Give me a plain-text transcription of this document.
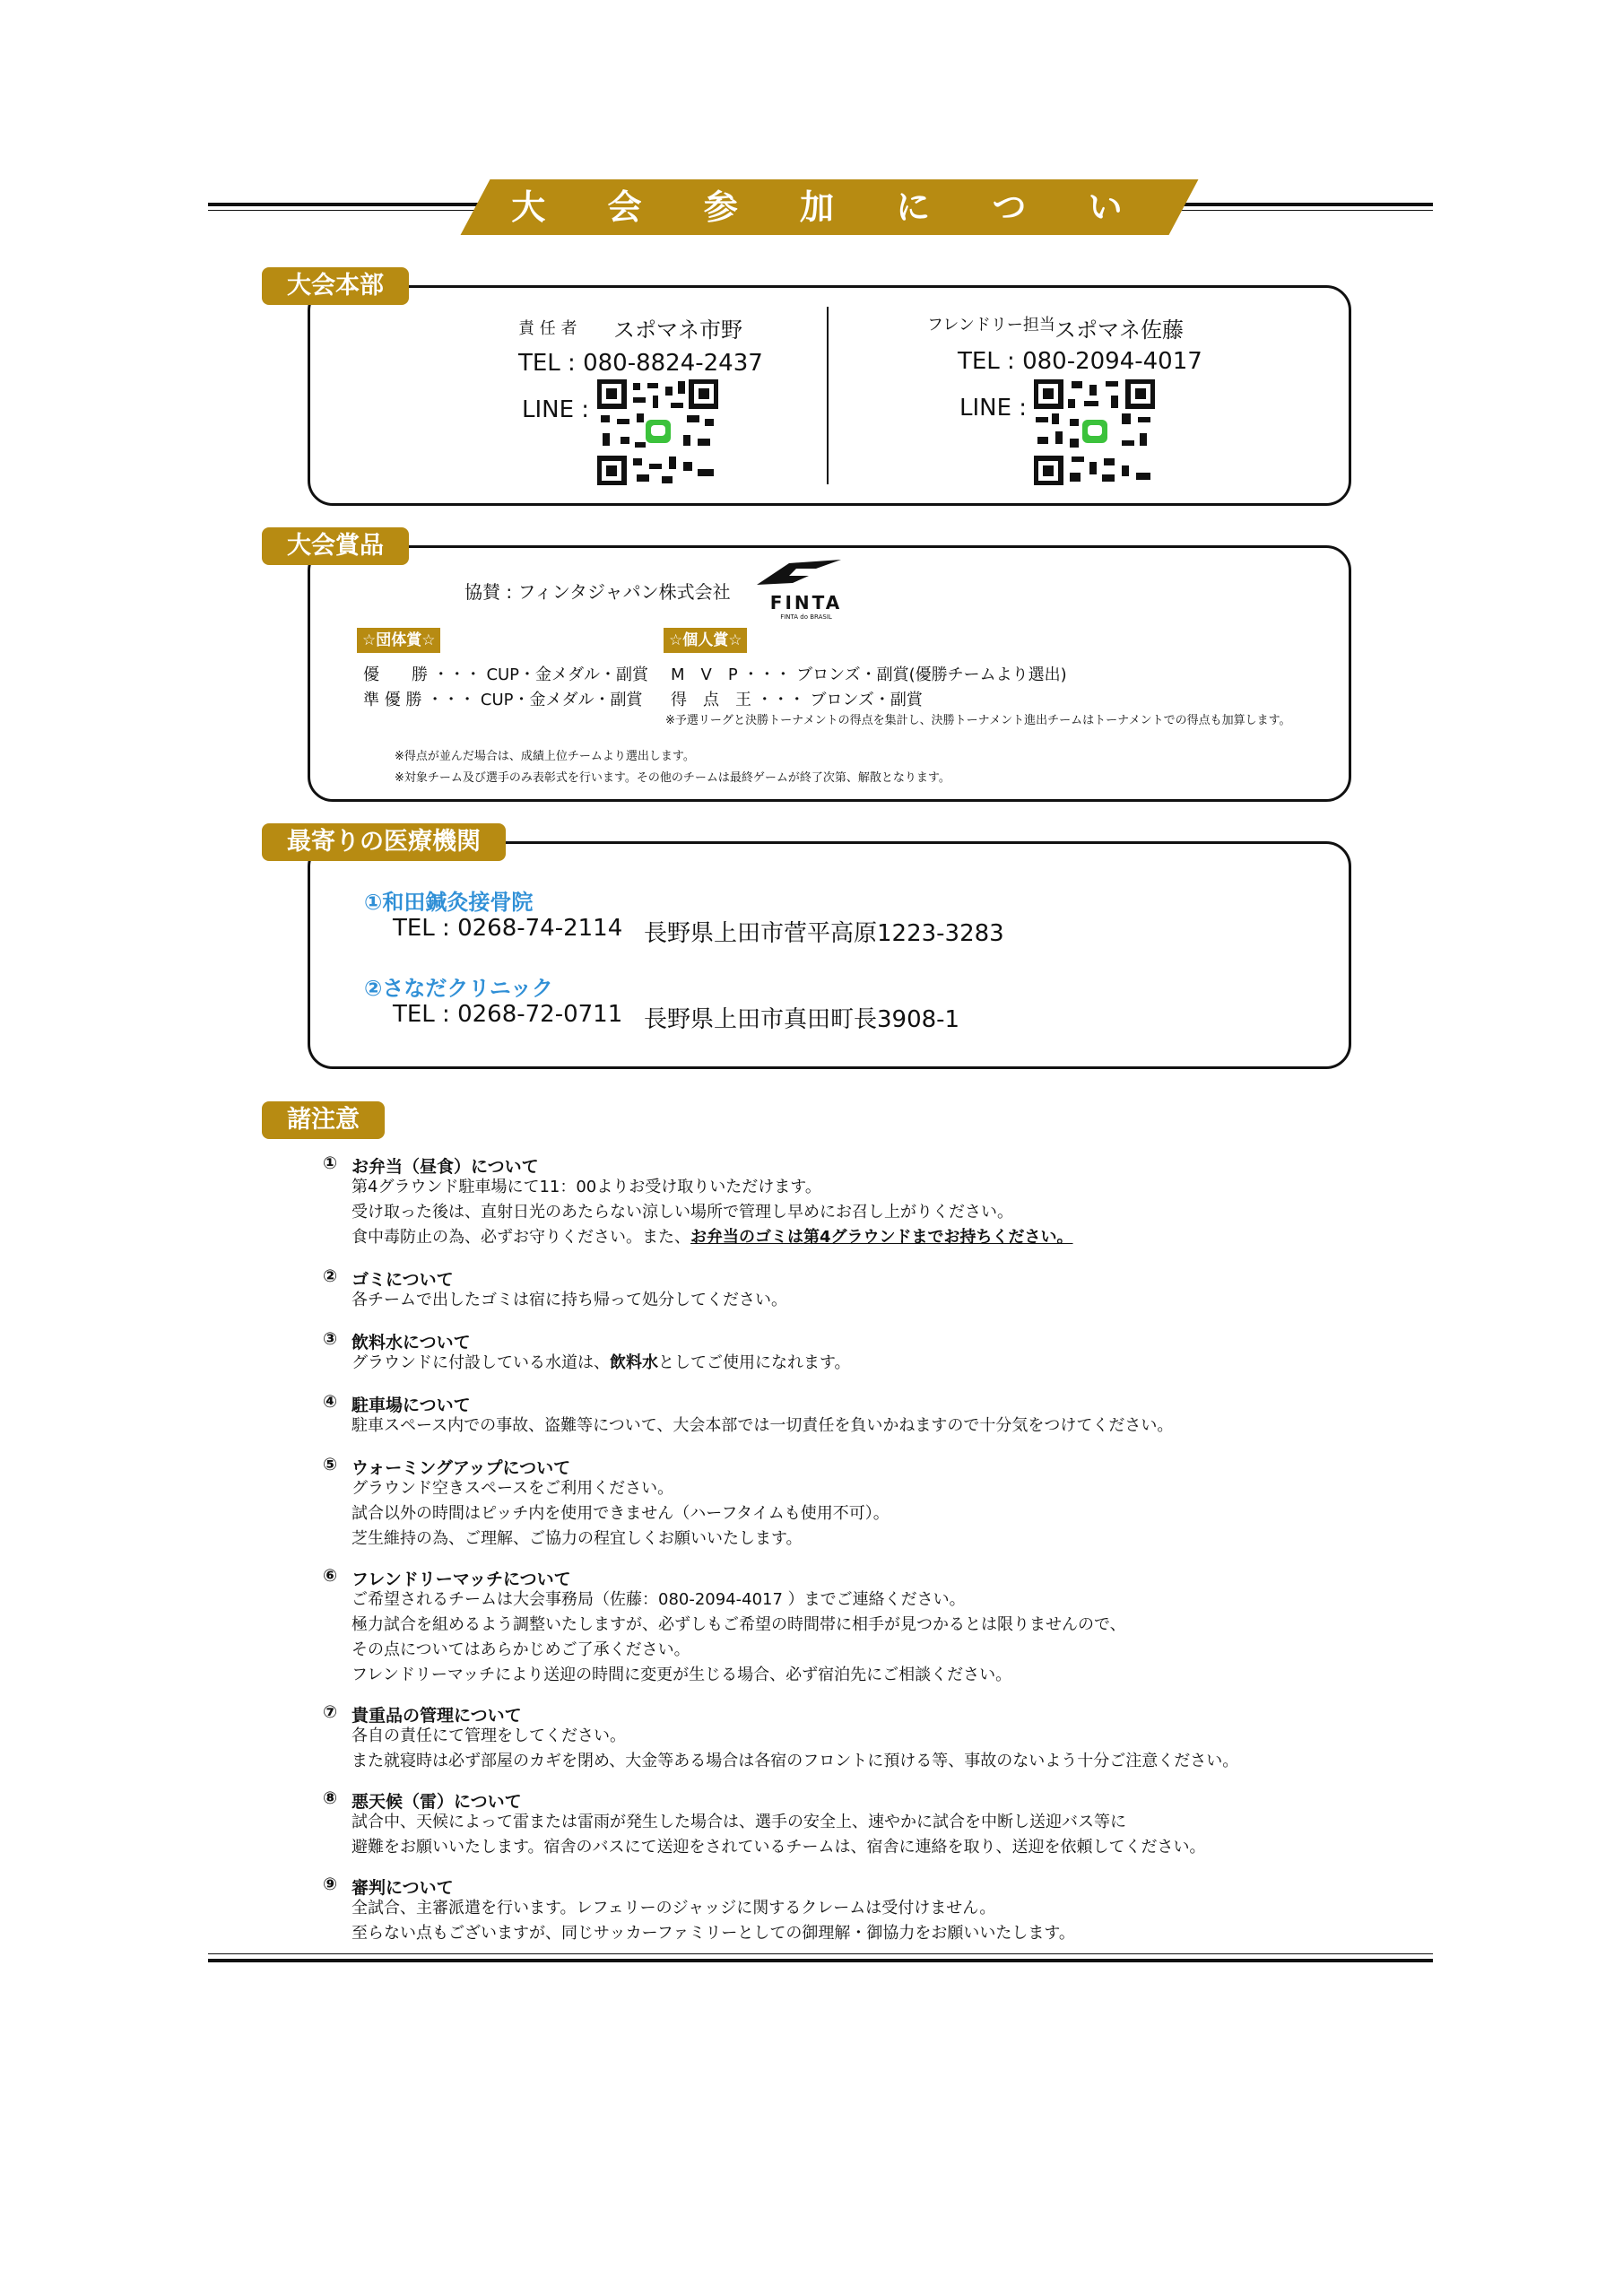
大 会 参 加 に つ い て
大会本部
責 任 者 スポマネ市野
TEL : 080-8824-2437
LINE :
フレンドリー担当 スポマネ佐藤
TEL : 080-2094-4017
LINE :
大会賞品
協賛 : フィンタジャパン株式会社	FINTA
FINTA do BRASIL
☆団体賞☆
優　　勝 ・・・ CUP・金メダル・副賞
準 優 勝 ・・・ CUP・金メダル・副賞
☆個人賞☆
M　V　P ・・・ ブロンズ・副賞(優勝チームより選出)
得　点　王 ・・・ ブロンズ・副賞
※予選リーグと決勝トーナメントの得点を集計し、決勝トーナメント進出チームはトーナメントでの得点も加算します。
※得点が並んだ場合は、成績上位チームより選出します。
※対象チーム及び選手のみ表彰式を行います。その他のチームは最終ゲームが終了次第、解散となります。
最寄りの医療機関
①和田鍼灸接骨院
TEL : 0268-74-2114 長野県上田市菅平高原1223-3283
②さなだクリニック
TEL : 0268-72-0711 長野県上田市真田町長3908-1
諸注意
① お弁当（昼食）について
第4グラウンド駐車場にて11：00よりお受け取りいただけます。
受け取った後は、直射日光のあたらない涼しい場所で管理し早めにお召し上がりください。
食中毒防止の為、必ずお守りください。また、お弁当のゴミは第4グラウンドまでお持ちください。
② ゴミについて
各チームで出したゴミは宿に持ち帰って処分してください。
③ 飲料水について
グラウンドに付設している水道は、飲料水としてご使用になれます。
④ 駐車場について
駐車スペース内での事故、盗難等について、大会本部では一切責任を負いかねますので十分気をつけてください。
⑤ ウォーミングアップについて
グラウンド空きスペースをご利用ください。
試合以外の時間はピッチ内を使用できません（ハーフタイムも使用不可）。
芝生維持の為、ご理解、ご協力の程宜しくお願いいたします。
⑥ フレンドリーマッチについて
ご希望されるチームは大会事務局（佐藤：080-2094-4017 ）までご連絡ください。
極力試合を組めるよう調整いたしますが、必ずしもご希望の時間帯に相手が見つかるとは限りませんので、
その点についてはあらかじめご了承ください。
フレンドリーマッチにより送迎の時間に変更が生じる場合、必ず宿泊先にご相談ください。
⑦ 貴重品の管理について
各自の責任にて管理をしてください。
また就寝時は必ず部屋のカギを閉め、大金等ある場合は各宿のフロントに預ける等、事故のないよう十分ご注意ください。
⑧ 悪天候（雷）について
試合中、天候によって雷または雷雨が発生した場合は、選手の安全上、速やかに試合を中断し送迎バス等に
避難をお願いいたします。宿舎のバスにて送迎をされているチームは、宿舎に連絡を取り、送迎を依頼してください。
⑨ 審判について
全試合、主審派遣を行います。レフェリーのジャッジに関するクレームは受付けません。
至らない点もございますが、同じサッカーファミリーとしての御理解・御協力をお願いいたします。
